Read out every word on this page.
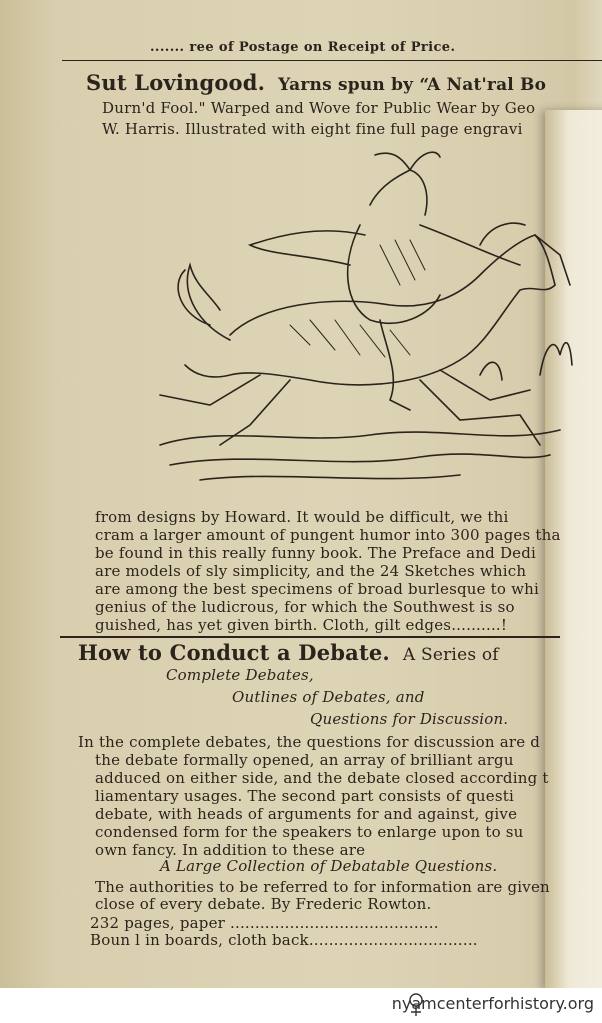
....... ree of Postage on Receipt of Price.
Sut Lovingood. Yarns spun by “A Nat'ral Bo
Durn'd Fool." Warped and Wove for Public Wear by Geo
W. Harris. Illustrated with eight fine full page engravi
from designs by Howard. It would be difficult, we thi
cram a larger amount of pungent humor into 300 pages tha
be found in this really funny book. The Preface and Dedi
are models of sly simplicity, and the 24 Sketches which
are among the best specimens of broad burlesque to whi
genius of the ludicrous, for which the Southwest is so
guished, has yet given birth. Cloth, gilt edges..........!
How to Conduct a Debate. A Series of
Complete Debates,
Outlines of Debates, and
Questions for Discussion.
In the complete debates, the questions for discussion are d
the debate formally opened, an array of brilliant argu
adduced on either side, and the debate closed according t
liamentary usages. The second part consists of questi
debate, with heads of arguments for and against, give
condensed form for the speakers to enlarge upon to su
own fancy. In addition to these are
A Large Collection of Debatable Questions.
The authorities to be referred to for information are given
close of every debate. By Frederic Rowton.
232 pages, paper ..........................................
Boun l in boards, cloth back..................................
nyamcenterforhistory.org
